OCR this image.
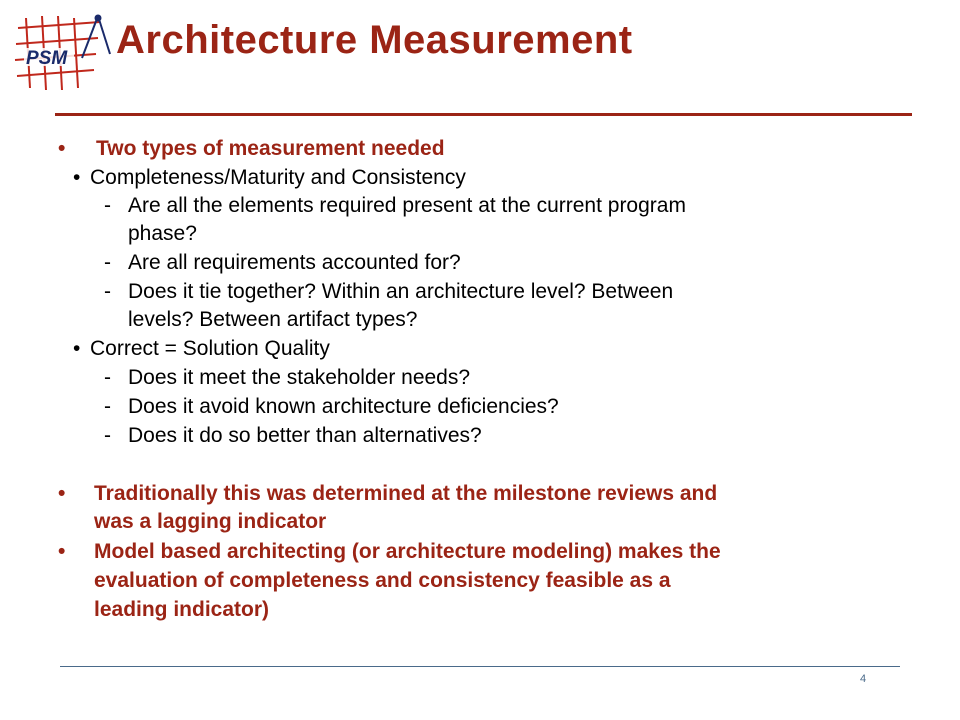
PSM Architecture Measurement
• Two types of measurement needed
• Completeness/Maturity and Consistency
- Are all the elements required present at the current program
phase?
- Are all requirements accounted for?
- Does it tie together? Within an architecture level? Between
levels? Between artifact types?
• Correct = Solution Quality
- Does it meet the stakeholder needs?
- Does it avoid known architecture deficiencies?
- Does it do so better than alternatives?
• Traditionally this was determined at the milestone reviews and
was a lagging indicator
• Model based architecting (or architecture modeling) makes the
evaluation of completeness and consistency feasible as a
leading indicator)
4
